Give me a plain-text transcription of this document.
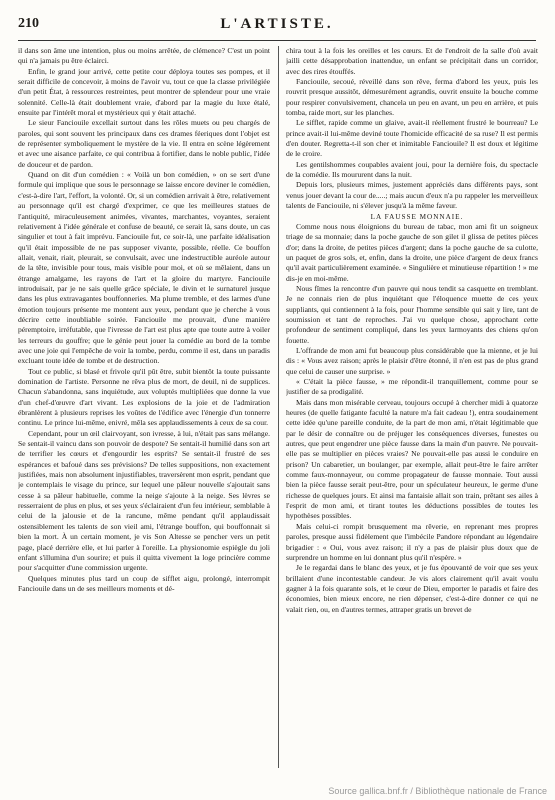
210	L'ARTISTE.

il dans son âme une intention, plus ou moins arrêtée, de clémence? C'est un point qui n'a jamais pu être éclairci.

Enfin, le grand jour arrivé, cette petite cour déploya toutes ses pompes, et il serait difficile de concevoir, à moins de l'avoir vu, tout ce que la classe privilégiée d'un petit État, à ressources restreintes, peut montrer de splendeur pour une vraie solennité. Celle-là était doublement vraie, d'abord par la magie du luxe étalé, ensuite par l'intérêt moral et mystérieux qui y était attaché.

Le sieur Fanciouile excellait surtout dans les rôles muets ou peu chargés de paroles, qui sont souvent les principaux dans ces drames féeriques dont l'objet est de représenter symboliquement le mystère de la vie. Il entra en scène légèrement et avec une aisance parfaite, ce qui contribua à fortifier, dans le noble public, l'idée de douceur et de pardon.

Quand on dit d'un comédien : « Voilà un bon comédien, » on se sert d'une formule qui implique que sous le personnage se laisse encore deviner le comédien, c'est-à-dire l'art, l'effort, la volonté. Or, si un comédien arrivait à être, relativement au personnage qu'il est chargé d'exprimer, ce que les meilleures statues de l'antiquité, miraculeusement animées, vivantes, marchantes, voyantes, seraient relativement à l'idée générale et confuse de beauté, ce serait là, sans doute, un cas singulier et tout à fait imprévu. Fanciouile fut, ce soir-là, une parfaite idéalisation qu'il était impossible de ne pas supposer vivante, possible, réelle. Ce bouffon allait, venait, riait, pleurait, se convulsait, avec une indestructible auréole autour de la tête, invisible pour tous, mais visible pour moi, et où se mêlaient, dans un étrange amalgame, les rayons de l'art et la gloire du martyre. Fanciouile introduisait, par je ne sais quelle grâce spéciale, le divin et le surnaturel jusque dans les plus extravagantes bouffonneries. Ma plume tremble, et des larmes d'une émotion toujours présente me montent aux yeux, pendant que je cherche à vous décrire cette inoubliable soirée. Fanciouile me prouvait, d'une manière péremptoire, irréfutable, que l'ivresse de l'art est plus apte que toute autre à voiler les terreurs du gouffre; que le génie peut jouer la comédie au bord de la tombe avec une joie qui l'empêche de voir la tombe, perdu, comme il est, dans un paradis excluant toute idée de tombe et de destruction.

Tout ce public, si blasé et frivole qu'il pût être, subit bientôt la toute puissante domination de l'artiste. Personne ne rêva plus de mort, de deuil, ni de supplices. Chacun s'abandonna, sans inquiétude, aux voluptés multipliées que donne la vue d'un chef-d'œuvre d'art vivant. Les explosions de la joie et de l'admiration ébranlèrent à plusieurs reprises les voûtes de l'édifice avec l'énergie d'un tonnerre continu. Le prince lui-même, enivré, mêla ses applaudissements à ceux de sa cour.

Cependant, pour un œil clairvoyant, son ivresse, à lui, n'était pas sans mélange. Se sentait-il vaincu dans son pouvoir de despote? Se sentait-il humilié dans son art de terrifier les cœurs et d'engourdir les esprits? Se sentait-il frustré de ses espérances et bafoué dans ses prévisions? De telles suppositions, non exactement justifiées, mais non absolument injustifiables, traversèrent mon esprit, pendant que je contemplais le visage du prince, sur lequel une pâleur nouvelle s'ajoutait sans cesse à sa pâleur habituelle, comme la neige s'ajoute à la neige. Ses lèvres se resserraient de plus en plus, et ses yeux s'éclairaient d'un feu intérieur, semblable à celui de la jalousie et de la rancune, même pendant qu'il applaudissait ostensiblement les talents de son vieil ami, l'étrange bouffon, qui bouffonnait si bien la mort. À un certain moment, je vis Son Altesse se pencher vers un petit page, placé derrière elle, et lui parler à l'oreille. La physionomie espiègle du joli enfant s'illumina d'un sourire; et puis il quitta vivement la loge princière comme pour s'acquitter d'une commission urgente.

Quelques minutes plus tard un coup de sifflet aigu, prolongé, interrompit Fanciouile dans un de ses meilleurs moments et dé-

chira tout à la fois les oreilles et les cœurs. Et de l'endroit de la salle d'où avait jailli cette désapprobation inattendue, un enfant se précipitait dans un corridor, avec des rires étouffés.

Fanciouile, secoué, réveillé dans son rêve, ferma d'abord les yeux, puis les rouvrit presque aussitôt, démesurément agrandis, ouvrit ensuite la bouche comme pour respirer convulsivement, chancela un peu en avant, un peu en arrière, et puis tomba, raide mort, sur les planches.

Le sifflet, rapide comme un glaive, avait-il réellement frustré le bourreau? Le prince avait-il lui-même deviné toute l'homicide efficacité de sa ruse? Il est permis d'en douter. Regretta-t-il son cher et inimitable Fanciouile? Il est doux et légitime de le croire.

Les gentilshommes coupables avaient joui, pour la dernière fois, du spectacle de la comédie. Ils moururent dans la nuit.

Depuis lors, plusieurs mimes, justement appréciés dans différents pays, sont venus jouer devant la cour de.....; mais aucun d'eux n'a pu rappeler les merveilleux talents de Fanciouile, ni s'élever jusqu'à la même faveur.

LA FAUSSE MONNAIE.

Comme nous nous éloignions du bureau de tabac, mon ami fit un soigneux triage de sa monnaie; dans la poche gauche de son gilet il glissa de petites pièces d'or; dans la droite, de petites pièces d'argent; dans la poche gauche de sa culotte, un paquet de gros sols, et, enfin, dans la droite, une pièce d'argent de deux francs qu'il avait particulièrement examinée. « Singulière et minutieuse répartition ! » me dis-je en moi-même.

Nous fîmes la rencontre d'un pauvre qui nous tendit sa casquette en tremblant. Je ne connais rien de plus inquiétant que l'éloquence muette de ces yeux suppliants, qui contiennent à la fois, pour l'homme sensible qui sait y lire, tant de soumission et tant de reproches. J'ai vu quelque chose, approchant cette profondeur de sentiment compliqué, dans les yeux larmoyants des chiens qu'on fouette.

L'offrande de mon ami fut beaucoup plus considérable que la mienne, et je lui dis : « Vous avez raison; après le plaisir d'être étonné, il n'en est pas de plus grand que celui de causer une surprise. »

« C'était la pièce fausse, » me répondit-il tranquillement, comme pour se justifier de sa prodigalité.

Mais dans mon misérable cerveau, toujours occupé à chercher midi à quatorze heures (de quelle fatigante faculté la nature m'a fait cadeau !), entra soudainement cette idée qu'une pareille conduite, de la part de mon ami, n'était légitimable que par le désir de connaître ou de préjuger les conséquences diverses, funestes ou autres, que peut engendrer une pièce fausse dans la main d'un pauvre. Ne pouvait-elle pas se multiplier en pièces vraies? Ne pouvait-elle pas aussi le conduire en prison? Un cabaretier, un boulanger, par exemple, allait peut-être le faire arrêter comme faux-monnayeur, ou comme propagateur de fausse monnaie. Tout aussi bien la pièce fausse serait peut-être, pour un spéculateur heureux, le germe d'une richesse de quelques jours. Et ainsi ma fantaisie allait son train, prêtant ses ailes à l'esprit de mon ami, et tirant toutes les déductions possibles de toutes les hypothèses possibles.

Mais celui-ci rompit brusquement ma rêverie, en reprenant mes propres paroles, presque aussi fidèlement que l'imbécile Pandore répondant au légendaire brigadier : « Oui, vous avez raison; il n'y a pas de plaisir plus doux que de surprendre un homme en lui donnant plus qu'il n'espère. »

Je le regardai dans le blanc des yeux, et je fus épouvanté de voir que ses yeux brillaient d'une incontestable candeur. Je vis alors clairement qu'il avait voulu gagner à la fois quarante sols, et le cœur de Dieu, emporter le paradis et faire des économies, bien mieux encore, ne rien dépenser, c'est-à-dire donner ce qui ne valait rien, ou, en d'autres termes, attraper gratis un brevet de

Source gallica.bnf.fr / Bibliothèque nationale de France
